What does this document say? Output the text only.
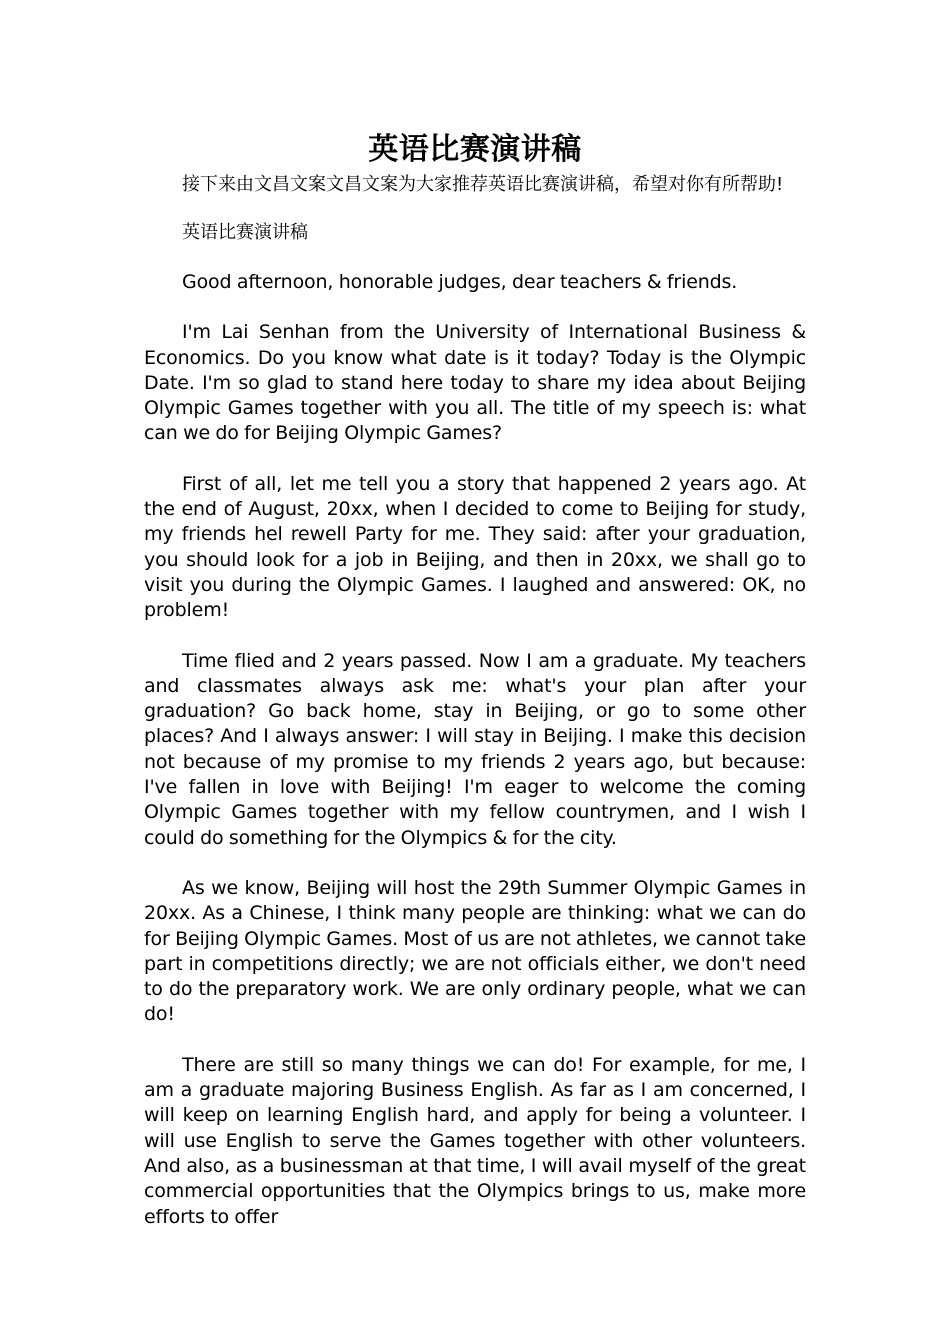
英语比赛演讲稿

接下来由文昌文案文昌文案为大家推荐英语比赛演讲稿，希望对你有所帮助!

英语比赛演讲稿

Good afternoon, honorable judges, dear teachers & friends.

I'm Lai Senhan from the University of International Business & Economics. Do you know what date is it today? Today is the Olympic Date. I'm so glad to stand here today to share my idea about Beijing Olympic Games together with you all. The title of my speech is: what can we do for Beijing Olympic Games?

First of all, let me tell you a story that happened 2 years ago. At the end of August, 20xx, when I decided to come to Beijing for study, my friends hel rewell Party for me. They said: after your graduation, you should look for a job in Beijing, and then in 20xx, we shall go to visit you during the Olympic Games. I laughed and answered: OK, no problem!

Time flied and 2 years passed. Now I am a graduate. My teachers and classmates always ask me: what's your plan after your graduation? Go back home, stay in Beijing, or go to some other places? And I always answer: I will stay in Beijing. I make this decision not because of my promise to my friends 2 years ago, but because: I've fallen in love with Beijing! I'm eager to welcome the coming Olympic Games together with my fellow countrymen, and I wish I could do something for the Olympics & for the city.

As we know, Beijing will host the 29th Summer Olympic Games in 20xx. As a Chinese, I think many people are thinking: what we can do for Beijing Olympic Games. Most of us are not athletes, we cannot take part in competitions directly; we are not officials either, we don't need to do the preparatory work. We are only ordinary people, what we can do!

There are still so many things we can do! For example, for me, I am a graduate majoring Business English. As far as I am concerned, I will keep on learning English hard, and apply for being a volunteer. I will use English to serve the Games together with other volunteers. And also, as a businessman at that time, I will avail myself of the great commercial opportunities that the Olympics brings to us, make more efforts to offer
